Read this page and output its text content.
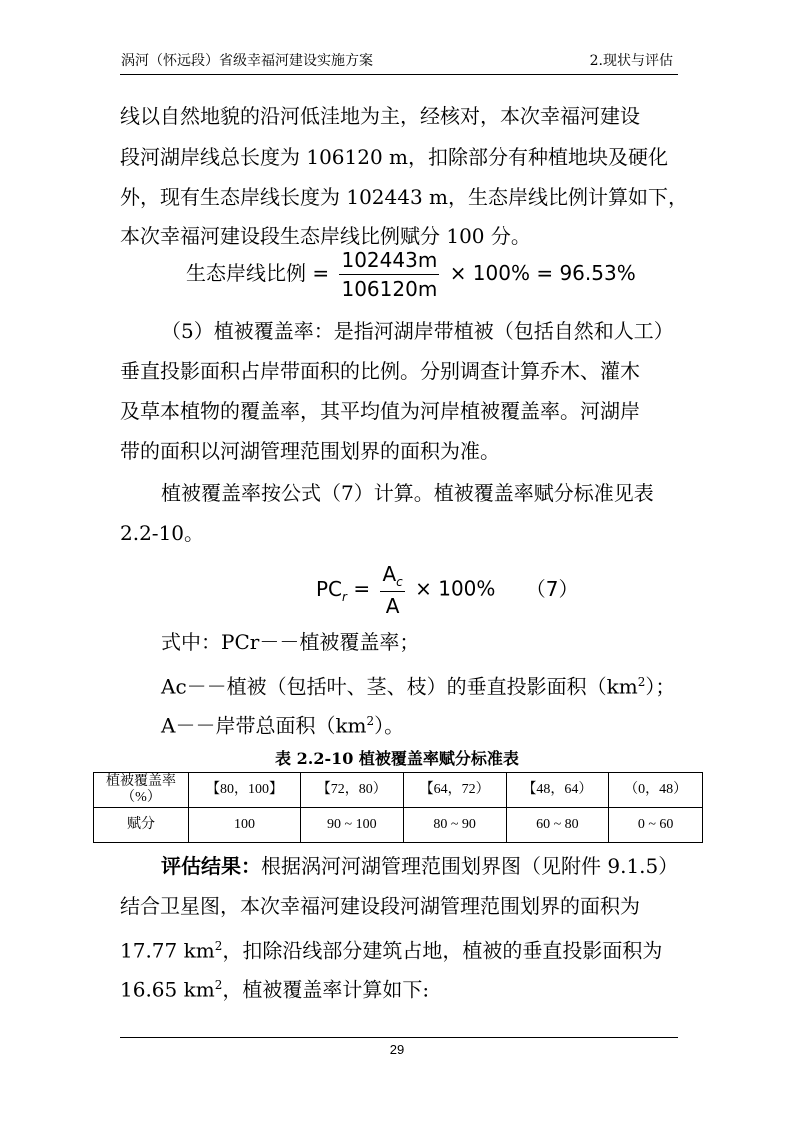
涡河（怀远段）省级幸福河建设实施方案	2.现状与评估
线以自然地貌的沿河低洼地为主，经核对，本次幸福河建设
段河湖岸线总长度为 106120 m，扣除部分有种植地块及硬化
外，现有生态岸线长度为 102443 m，生态岸线比例计算如下，
本次幸福河建设段生态岸线比例赋分 100 分。
生态岸线比例 = $\frac{102443m}{106120m} \times 100\% = 96.53\%$
（5）植被覆盖率：是指河湖岸带植被（包括自然和人工）
垂直投影面积占岸带面积的比例。分别调查计算乔木、灌木
及草本植物的覆盖率，其平均值为河岸植被覆盖率。河湖岸
带的面积以河湖管理范围划界的面积为准。
植被覆盖率按公式（7）计算。植被覆盖率赋分标准见表
2.2-10。
$PC_r = \frac{A_c}{A} \times 100\%$ （7）
式中：PCr－－植被覆盖率；
Ac－－植被（包括叶、茎、枝）的垂直投影面积$(km^2)$；
A－－岸带总面积$(km^2)$。
表 2.2-10 植被覆盖率赋分标准表
植被覆盖率（%）	【80，100】	【72，80）	【64，72）	【48，64）	（0，48）
赋分	100	90 ~ 100	80 ~ 90	60 ~ 80	0 ~ 60
评估结果：根据涡河河湖管理范围划界图（见附件 9.1.5）
结合卫星图，本次幸福河建设段河湖管理范围划界的面积为
17.77 $km^2$，扣除沿线部分建筑占地，植被的垂直投影面积为
16.65 $km^2$，植被覆盖率计算如下:
29
